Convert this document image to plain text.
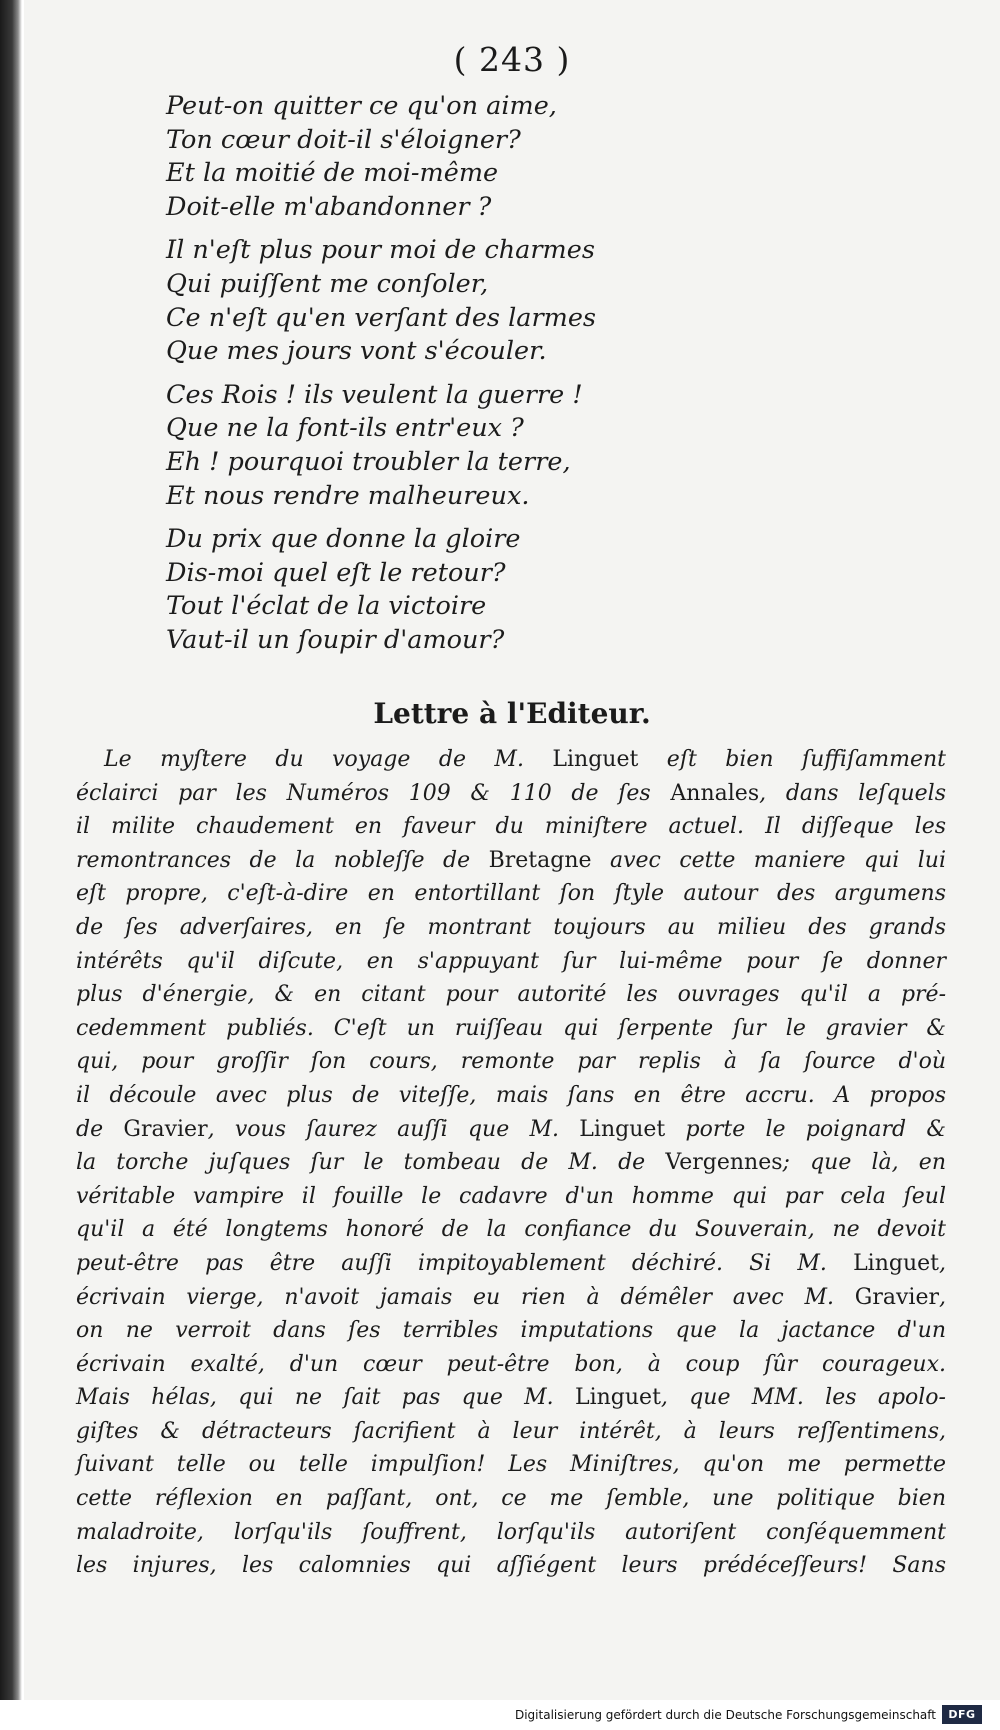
( 243 )
Peut-on quitter ce qu'on aime,
Ton cœur doit-il s'éloigner?
Et la moitié de moi-même
Doit-elle m'abandonner ?
Il n'eſt plus pour moi de charmes
Qui puiſſent me conſoler,
Ce n'eſt qu'en verſant des larmes
Que mes jours vont s'écouler.
Ces Rois ! ils veulent la guerre !
Que ne la font-ils entr'eux ?
Eh ! pourquoi troubler la terre,
Et nous rendre malheureux.
Du prix que donne la gloire
Dis-moi quel eſt le retour?
Tout l'éclat de la victoire
Vaut-il un ſoupir d'amour?
Lettre à l'Editeur.
Le myſtere du voyage de M. Linguet eſt bien ſuffiſamment
éclairci par les Numéros 109 & 110 de ſes Annales, dans leſquels
il milite chaudement en faveur du miniſtere actuel. Il diſſeque les
remontrances de la nobleſſe de Bretagne avec cette maniere qui lui
eſt propre, c'eſt-à-dire en entortillant ſon ſtyle autour des argumens
de ſes adverſaires, en ſe montrant toujours au milieu des grands
intérêts qu'il diſcute, en s'appuyant ſur lui-même pour ſe donner
plus d'énergie, & en citant pour autorité les ouvrages qu'il a pré-
cedemment publiés. C'eſt un ruiſſeau qui ſerpente ſur le gravier &
qui, pour groſſir ſon cours, remonte par replis à ſa ſource d'où
il découle avec plus de viteſſe, mais ſans en être accru. A propos
de Gravier, vous ſaurez auſſi que M. Linguet porte le poignard &
la torche juſques ſur le tombeau de M. de Vergennes; que là, en
véritable vampire il fouille le cadavre d'un homme qui par cela ſeul
qu'il a été longtems honoré de la confiance du Souverain, ne devoit
peut-être pas être auſſi impitoyablement déchiré. Si M. Linguet,
écrivain vierge, n'avoit jamais eu rien à démêler avec M. Gravier,
on ne verroit dans ſes terribles imputations que la jactance d'un
écrivain exalté, d'un cœur peut-être bon, à coup ſûr courageux.
Mais hélas, qui ne ſait pas que M. Linguet, que MM. les apolo-
giſtes & détracteurs ſacrifient à leur intérêt, à leurs reſſentimens,
ſuivant telle ou telle impulſion! Les Miniſtres, qu'on me permette
cette réflexion en paſſant, ont, ce me ſemble, une politique bien
maladroite, lorſqu'ils ſouffrent, lorſqu'ils autoriſent conſéquemment
les injures, les calomnies qui aſſiégent leurs prédéceſſeurs! Sans
Digitalisierung gefördert durch die Deutsche Forschungsgemeinschaft	DFG
